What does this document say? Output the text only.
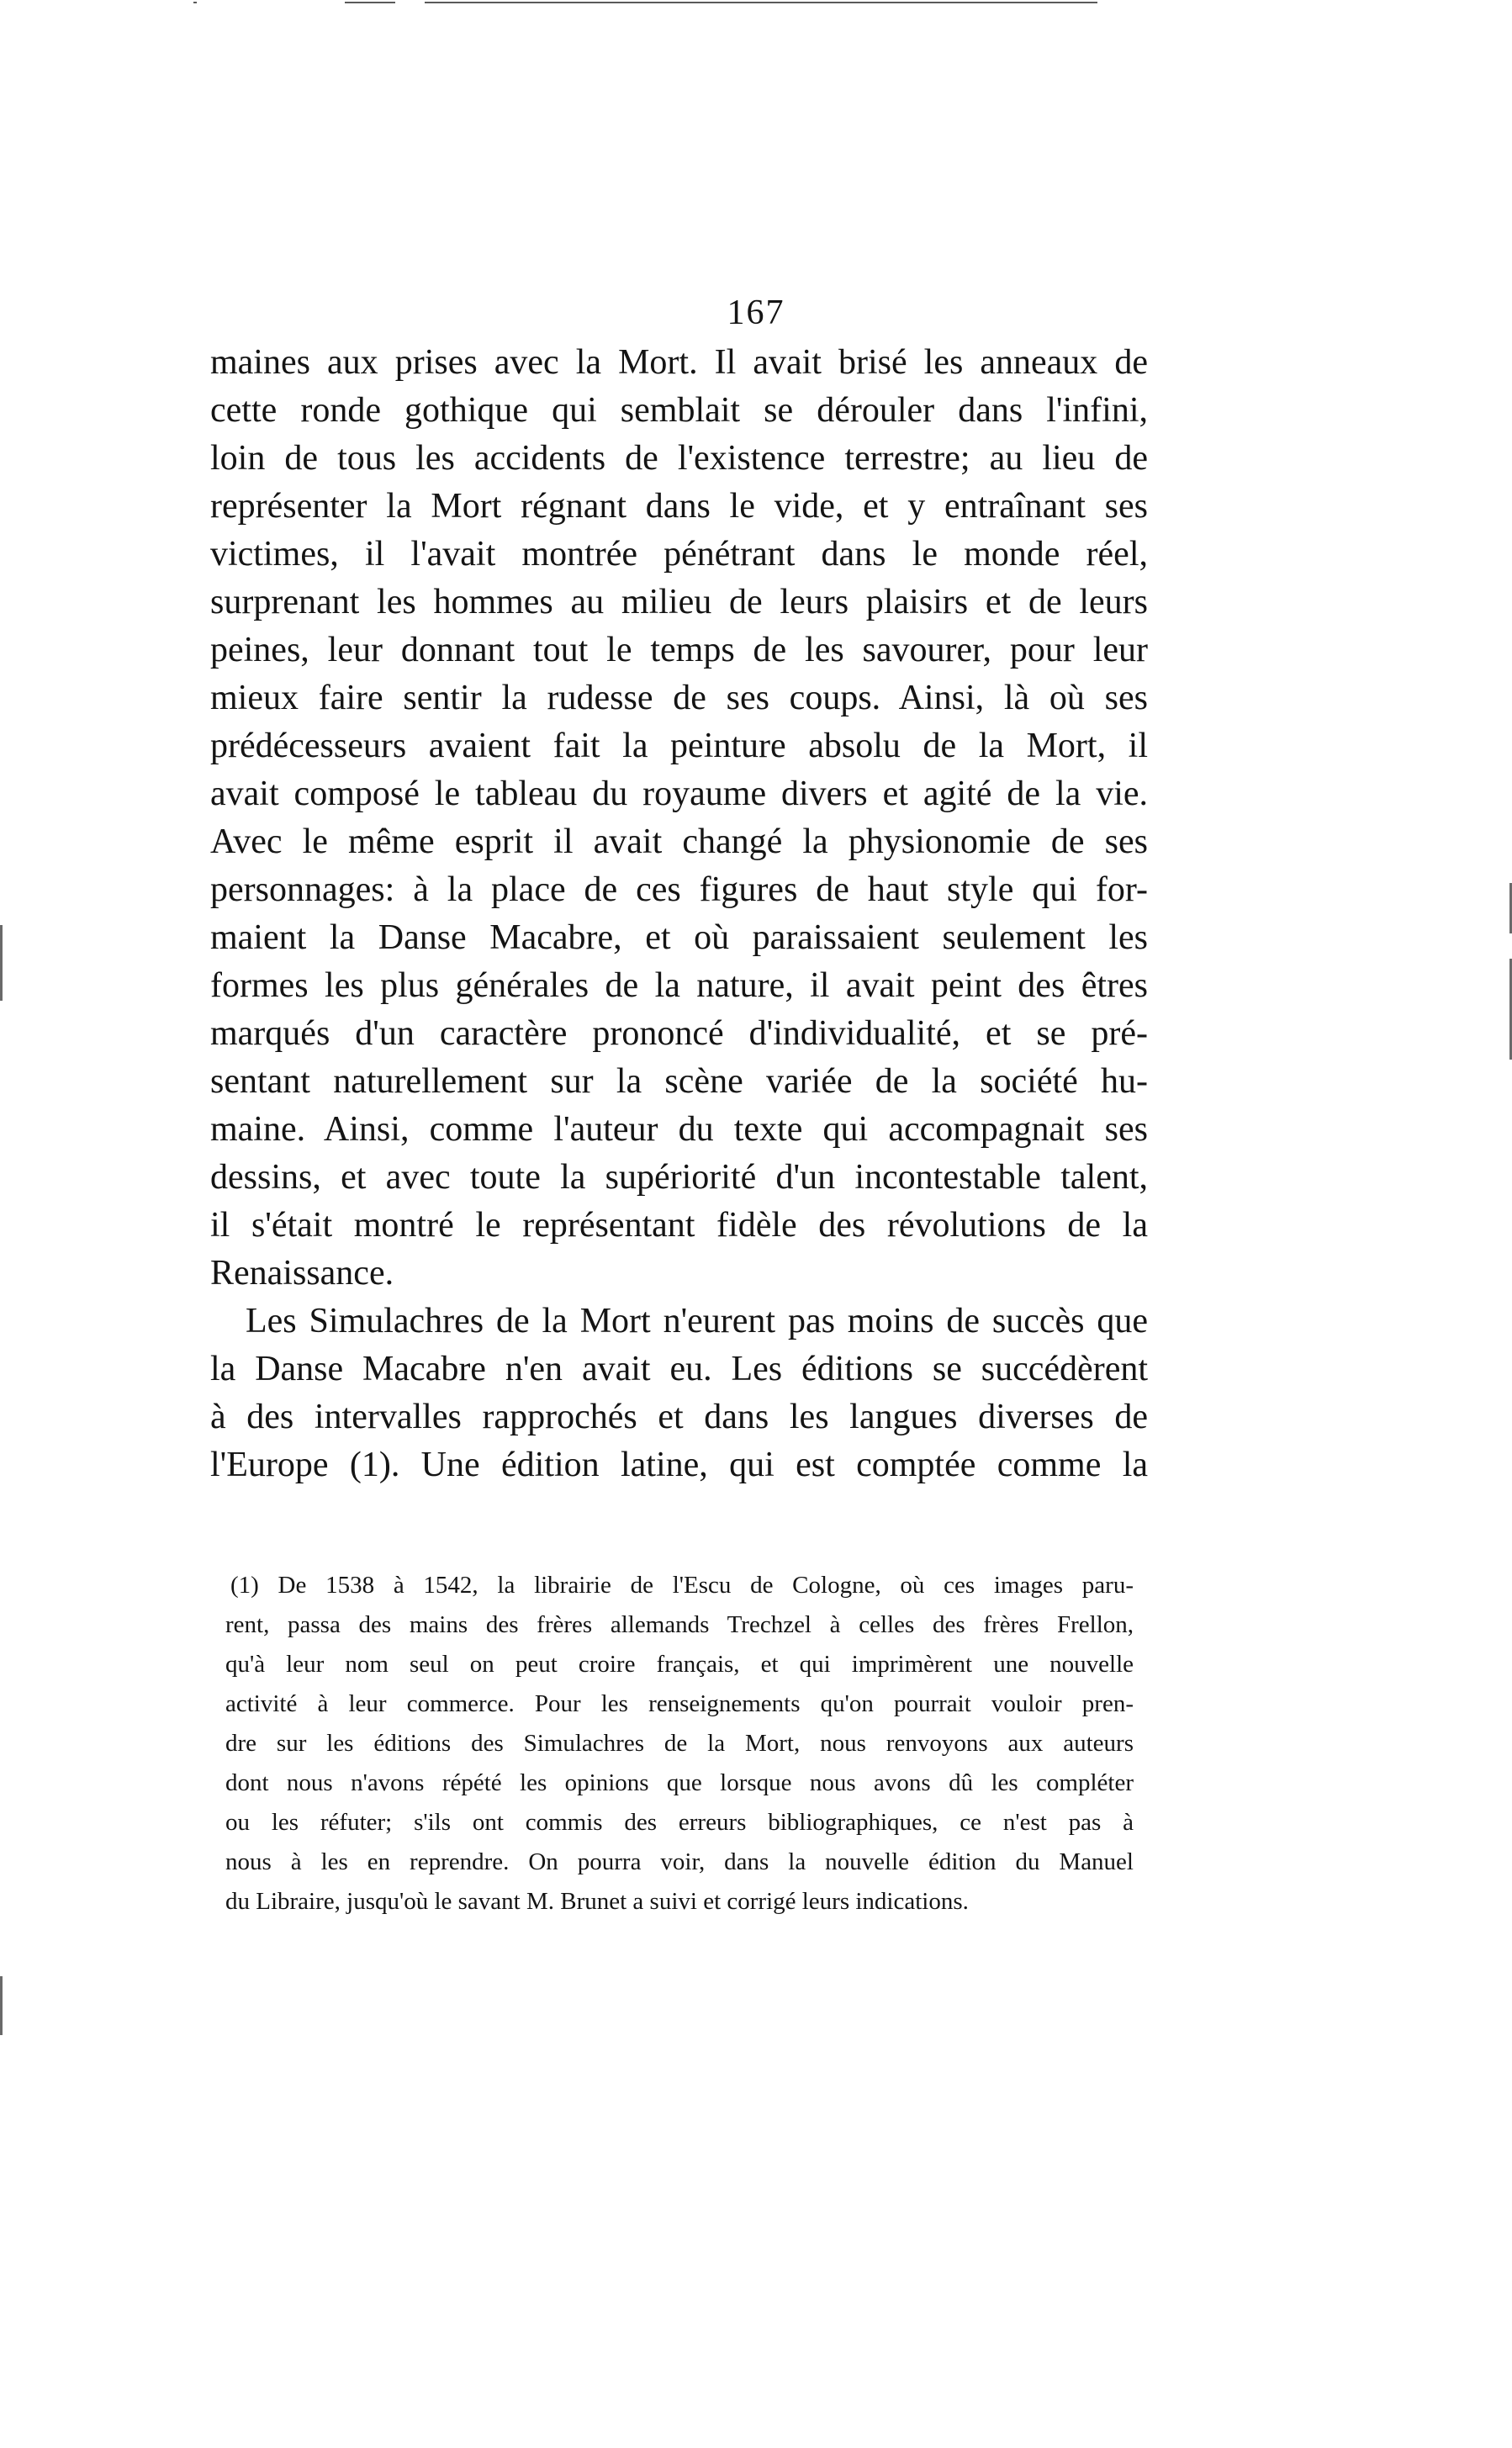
167
maines aux prises avec la Mort. Il avait brisé les anneaux de
cette ronde gothique qui semblait se dérouler dans l'infini,
loin de tous les accidents de l'existence terrestre; au lieu de
représenter la Mort régnant dans le vide, et y entraînant ses
victimes, il l'avait montrée pénétrant dans le monde réel,
surprenant les hommes au milieu de leurs plaisirs et de leurs
peines, leur donnant tout le temps de les savourer, pour leur
mieux faire sentir la rudesse de ses coups. Ainsi, là où ses
prédécesseurs avaient fait la peinture absolu de la Mort, il
avait composé le tableau du royaume divers et agité de la vie.
Avec le même esprit il avait changé la physionomie de ses
personnages: à la place de ces figures de haut style qui for-
maient la Danse Macabre, et où paraissaient seulement les
formes les plus générales de la nature, il avait peint des êtres
marqués d'un caractère prononcé d'individualité, et se pré-
sentant naturellement sur la scène variée de la société hu-
maine. Ainsi, comme l'auteur du texte qui accompagnait ses
dessins, et avec toute la supériorité d'un incontestable talent,
il s'était montré le représentant fidèle des révolutions de la
Renaissance.
Les Simulachres de la Mort n'eurent pas moins de succès que
la Danse Macabre n'en avait eu. Les éditions se succédèrent
à des intervalles rapprochés et dans les langues diverses de
l'Europe (1). Une édition latine, qui est comptée comme la
(1) De 1538 à 1542, la librairie de l'Escu de Cologne, où ces images paru-
rent, passa des mains des frères allemands Trechzel à celles des frères Frellon,
qu'à leur nom seul on peut croire français, et qui imprimèrent une nouvelle
activité à leur commerce. Pour les renseignements qu'on pourrait vouloir pren-
dre sur les éditions des Simulachres de la Mort, nous renvoyons aux auteurs
dont nous n'avons répété les opinions que lorsque nous avons dû les compléter
ou les réfuter; s'ils ont commis des erreurs bibliographiques, ce n'est pas à
nous à les en reprendre. On pourra voir, dans la nouvelle édition du Manuel
du Libraire, jusqu'où le savant M. Brunet a suivi et corrigé leurs indications.
